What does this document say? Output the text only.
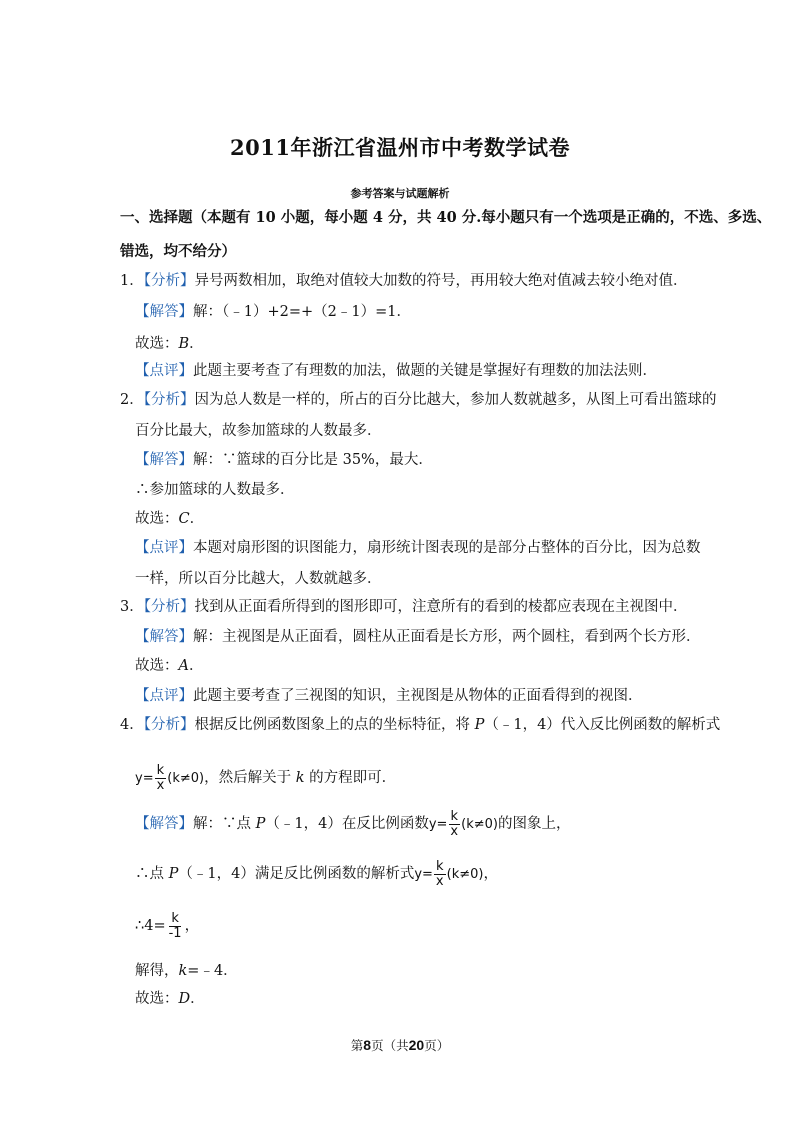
2011年浙江省温州市中考数学试卷
参考答案与试题解析
一、选择题（本题有 10 小题，每小题 4 分，共 40 分.每小题只有一个选项是正确的，不选、多选、
错选，均不给分）
1．【分析】异号两数相加，取绝对值较大加数的符号，再用较大绝对值减去较小绝对值．
【解答】解：（﹣1）+2=+（2﹣1）=1．
故选：B．
【点评】此题主要考查了有理数的加法，做题的关键是掌握好有理数的加法法则．
2．【分析】因为总人数是一样的，所占的百分比越大，参加人数就越多，从图上可看出篮球的
百分比最大，故参加篮球的人数最多．
【解答】解：∵篮球的百分比是 35%，最大．
∴参加篮球的人数最多．
故选：C．
【点评】本题对扇形图的识图能力，扇形统计图表现的是部分占整体的百分比，因为总数
一样，所以百分比越大，人数就越多．
3．【分析】找到从正面看所得到的图形即可，注意所有的看到的棱都应表现在主视图中．
【解答】解：主视图是从正面看，圆柱从正面看是长方形，两个圆柱，看到两个长方形．
故选：A．
【点评】此题主要考查了三视图的知识，主视图是从物体的正面看得到的视图．
4．【分析】根据反比例函数图象上的点的坐标特征，将 P（﹣1，4）代入反比例函数的解析式
$y= \frac{k}{x} (k\ne 0)$，然后解关于 k 的方程即可．
【解答】解：∵点 P（﹣1，4）在反比例函数$y= \frac{k}{x} (k\ne 0)$的图象上，
∴点 P（﹣1，4）满足反比例函数的解析式$y= \frac{k}{x} (k\ne 0)$，
∴4= $\frac{k}{-1}$ ，
解得，k=﹣4．
故选：D．
第8页（共20页）
